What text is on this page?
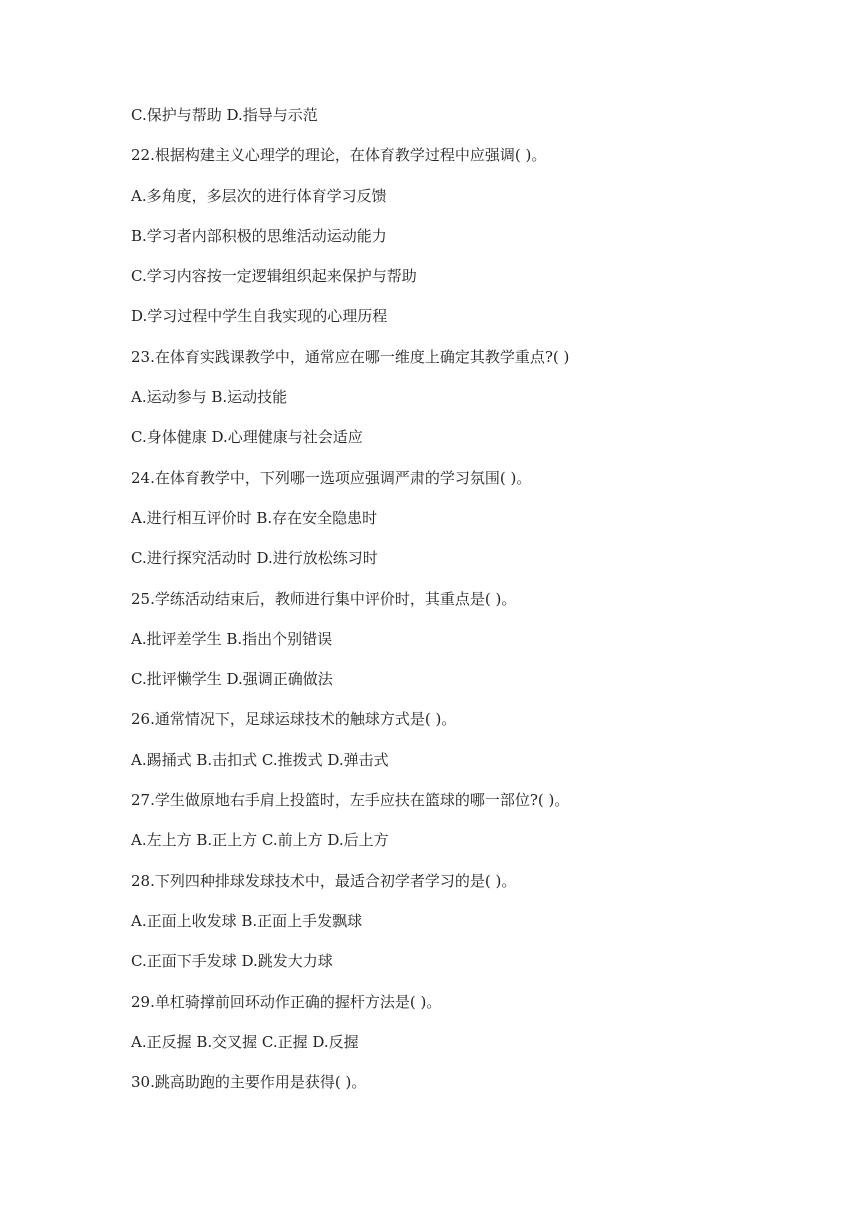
C.保护与帮助 D.指导与示范
22.根据构建主义心理学的理论，在体育教学过程中应强调( )。
A.多角度，多层次的进行体育学习反馈
B.学习者内部积极的思维活动运动能力
C.学习内容按一定逻辑组织起来保护与帮助
D.学习过程中学生自我实现的心理历程
23.在体育实践课教学中，通常应在哪一维度上确定其教学重点?( )
A.运动参与 B.运动技能
C.身体健康 D.心理健康与社会适应
24.在体育教学中，下列哪一选项应强调严肃的学习氛围( )。
A.进行相互评价时 B.存在安全隐患时
C.进行探究活动时 D.进行放松练习时
25.学练活动结束后，教师进行集中评价时，其重点是( )。
A.批评差学生 B.指出个别错误
C.批评懒学生 D.强调正确做法
26.通常情况下，足球运球技术的触球方式是( )。
A.踢捅式 B.击扣式 C.推拨式 D.弹击式
27.学生做原地右手肩上投篮时，左手应扶在篮球的哪一部位?( )。
A.左上方 B.正上方 C.前上方 D.后上方
28.下列四种排球发球技术中，最适合初学者学习的是( )。
A.正面上收发球 B.正面上手发飘球
C.正面下手发球 D.跳发大力球
29.单杠骑撑前回环动作正确的握杆方法是( )。
A.正反握 B.交叉握 C.正握 D.反握
30.跳高助跑的主要作用是获得( )。
